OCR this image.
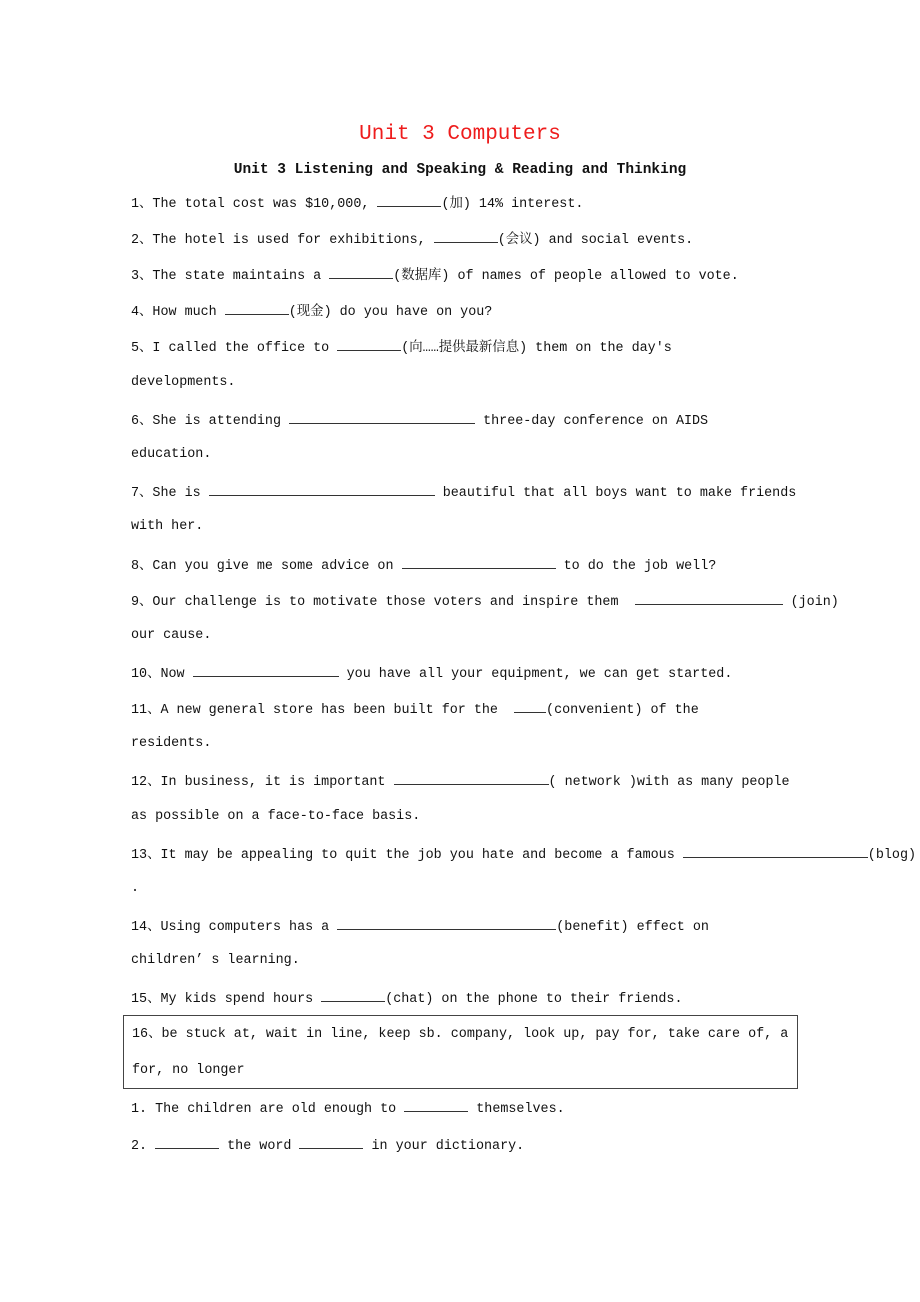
Unit 3 Computers
Unit 3 Listening and Speaking & Reading and Thinking
1、The total cost was $10,000,	(加) 14% interest.
2、The hotel is used for exhibitions,	(会议) and social events.
3、The state maintains a	(数据库) of names of people allowed to vote.
4、How much	(现金) do you have on you?
5、I called the office to	(向……提供最新信息) them on the day's
developments.
6、She is attending	three-day conference on AIDS
education.
7、She is	beautiful that all boys want to make friends
with her.
8、Can you give me some advice on	to do the job well?
9、Our challenge is to motivate those voters and inspire them	(join)
our cause.
10、Now	you have all your equipment, we can get started.
11、A new general store has been built for the  (convenient) of the
residents.
12、In business, it is important	( network )with as many people
as possible on a face-to-face basis.
13、It may be appealing to quit the job you hate and become a famous	(blog)
.
14、Using computers has a	(benefit) effect on
children’ s learning.
15、My kids spend hours	(chat) on the phone to their friends.
16、be stuck at, wait in line, keep sb. company, look up, pay for, take care of, a
for, no longer
1. The children are old enough to	themselves.
2.	the word	in your dictionary.
